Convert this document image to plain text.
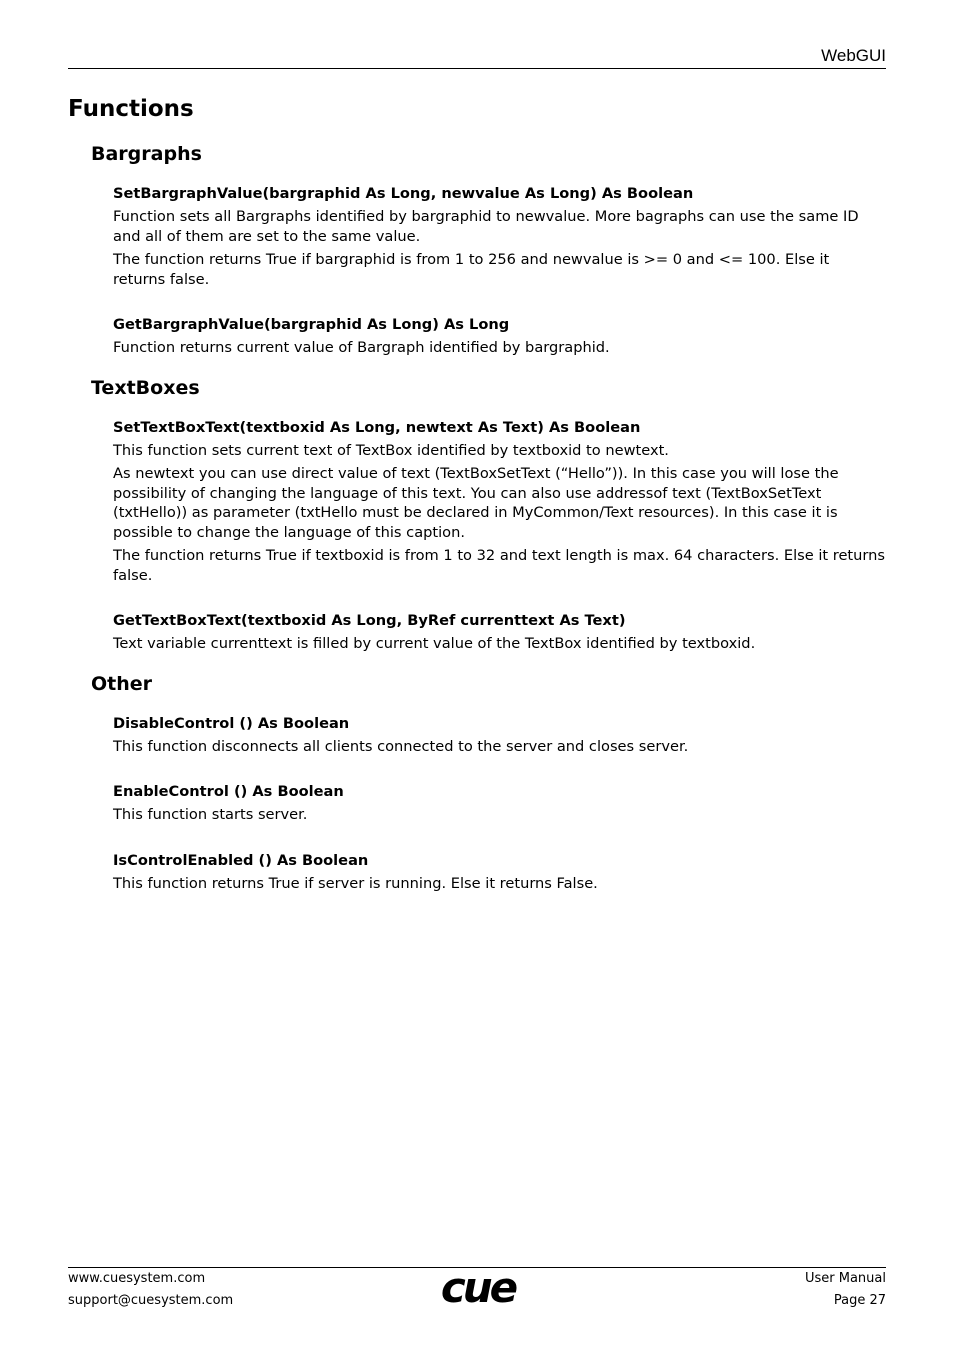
WebGUI
Functions
Bargraphs
SetBargraphValue(bargraphid As Long, newvalue As Long) As Boolean

Function sets all Bargraphs identified by bargraphid to newvalue. More bagraphs can use the same ID and all of them are set to the same value.

The function returns True if bargraphid is from 1 to 256 and newvalue is >= 0 and <= 100. Else it returns false.

GetBargraphValue(bargraphid As Long) As Long

Function returns current value of Bargraph identified by bargraphid.

TextBoxes
SetTextBoxText(textboxid As Long, newtext As Text) As Boolean

This function sets current text of TextBox identified by textboxid to newtext.

As newtext you can use direct value of text (TextBoxSetText (“Hello”)). In this case you will lose the possibility of changing the language of this text. You can also use addressof text (TextBoxSetText (txtHello)) as parameter (txtHello must be declared in MyCommon/Text resources). In this case it is possible to change the language of this caption.

The function returns True if textboxid is from 1 to 32 and text length is max. 64 characters. Else it returns false.

GetTextBoxText(textboxid As Long, ByRef currenttext As Text)

Text variable currenttext is filled by current value of the TextBox identified by textboxid.

Other
DisableControl () As Boolean

This function disconnects all clients connected to the server and closes server.

EnableControl () As Boolean

This function starts server.

IsControlEnabled () As Boolean

This function returns True if server is running. Else it returns False.

www.cuesystem.com
support@cuesystem.com	cue	User Manual
Page 27
